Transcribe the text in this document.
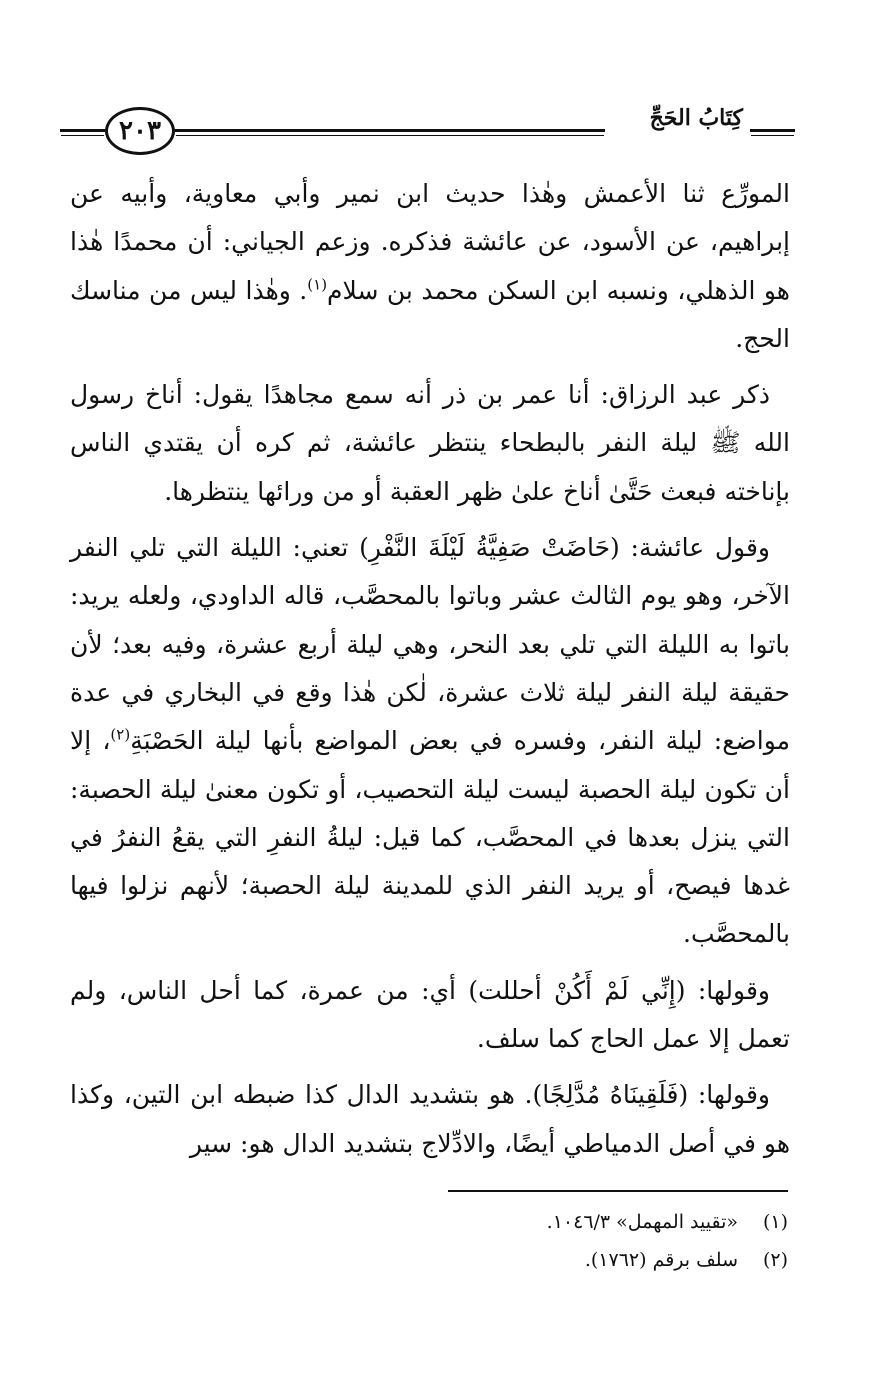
٢٠٣	كِتَابُ الحَجِّ

المورِّع ثنا الأعمش وهٰذا حديث ابن نمير وأبي معاوية، وأبيه عن إبراهيم، عن الأسود، عن عائشة فذكره. وزعم الجياني: أن محمدًا هٰذا هو الذهلي، ونسبه ابن السكن محمد بن سلام$^{(١)}$. وهٰذا ليس من مناسك الحج.

ذكر عبد الرزاق: أنا عمر بن ذر أنه سمع مجاهدًا يقول: أناخ رسول الله ﷺ ليلة النفر بالبطحاء ينتظر عائشة، ثم كره أن يقتدي الناس بإناخته فبعث حَتَّىٰ أناخ علىٰ ظهر العقبة أو من ورائها ينتظرها.

وقول عائشة: (حَاضَتْ صَفِيَّةُ لَيْلَةَ النَّفْرِ) تعني: الليلة التي تلي النفر الآخر، وهو يوم الثالث عشر وباتوا بالمحصَّب، قاله الداودي، ولعله يريد: باتوا به الليلة التي تلي بعد النحر، وهي ليلة أربع عشرة، وفيه بعد؛ لأن حقيقة ليلة النفر ليلة ثلاث عشرة، لٰكن هٰذا وقع في البخاري في عدة مواضع: ليلة النفر، وفسره في بعض المواضع بأنها ليلة الحَصْبَةِ$^{(٢)}$، إلا أن تكون ليلة الحصبة ليست ليلة التحصيب، أو تكون معنىٰ ليلة الحصبة: التي ينزل بعدها في المحصَّب، كما قيل: ليلةُ النفرِ التي يقعُ النفرُ في غدها فيصح، أو يريد النفر الذي للمدينة ليلة الحصبة؛ لأنهم نزلوا فيها بالمحصَّب.

وقولها: (إِنِّي لَمْ أَكُنْ أحللت) أي: من عمرة، كما أحل الناس، ولم تعمل إلا عمل الحاج كما سلف.

وقولها: (فَلَقِينَاهُ مُدَّلِجًا). هو بتشديد الدال كذا ضبطه ابن التين، وكذا هو في أصل الدمياطي أيضًا، والادِّلاج بتشديد الدال هو: سير

(١)
«تقييد المهمل» ١٠٤٦/٣.
(٢)
سلف برقم (١٧٦٢).
